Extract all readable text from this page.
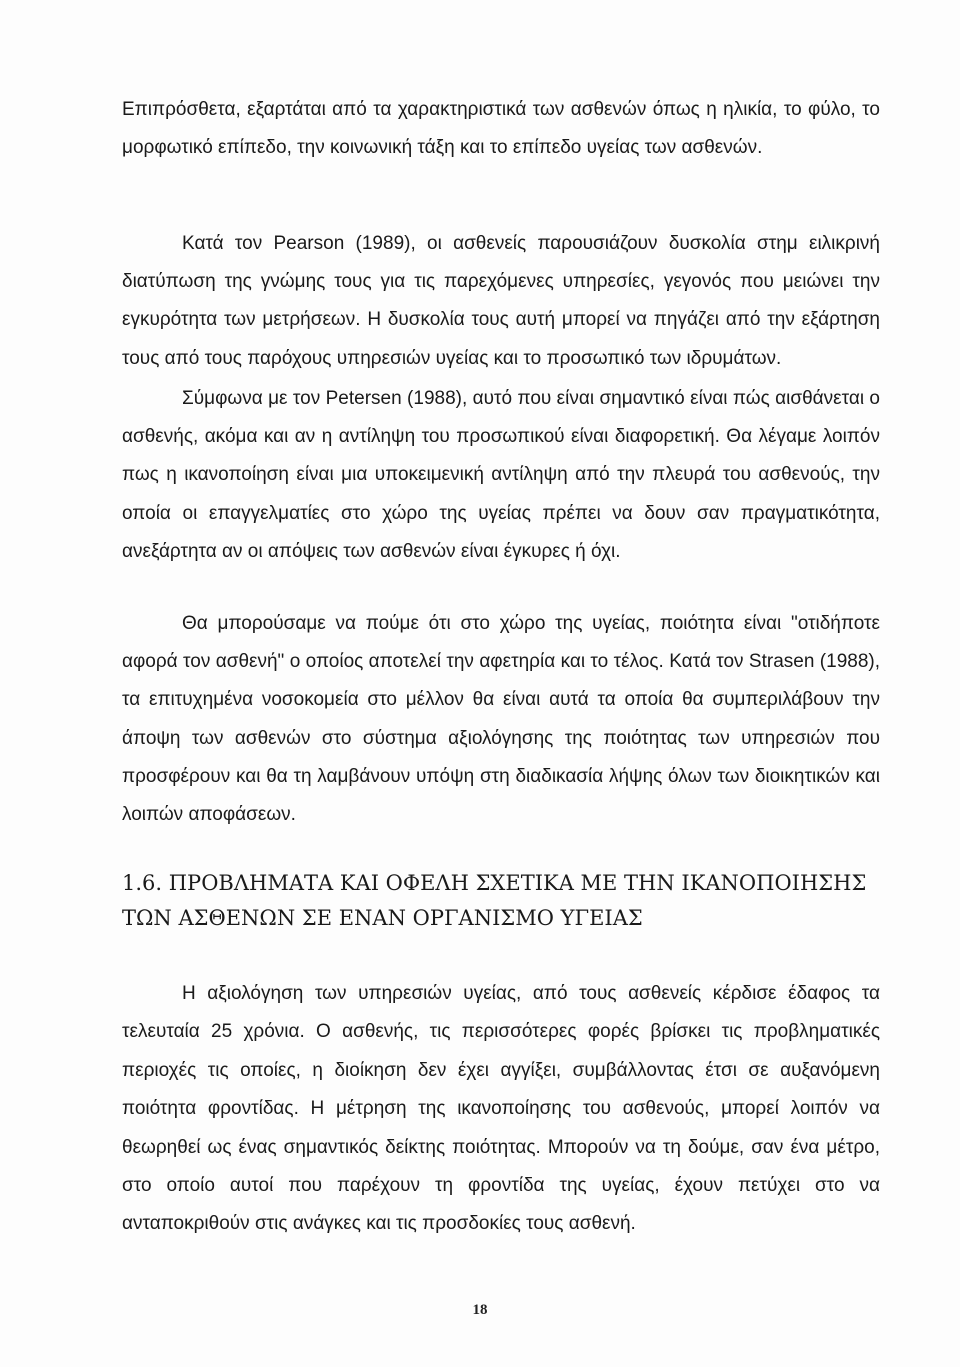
Επιπρόσθετα, εξαρτάται από τα χαρακτηριστικά των ασθενών όπως η ηλικία, το φύλο, το μορφωτικό επίπεδο, την κοινωνική τάξη και το επίπεδο υγείας των ασθενών.

Κατά τον Pearson (1989), οι ασθενείς παρουσιάζουν δυσκολία στημ ειλικρινή διατύπωση της γνώμης τους για τις παρεχόμενες υπηρεσίες, γεγονός που μειώνει την εγκυρότητα των μετρήσεων. Η δυσκολία τους αυτή μπορεί να πηγάζει από την εξάρτηση τους από τους παρόχους υπηρεσιών υγείας και το προσωπικό των ιδρυμάτων.

Σύμφωνα με τον Petersen (1988), αυτό που είναι σημαντικό είναι πώς αισθάνεται ο ασθενής, ακόμα και αν η αντίληψη του προσωπικού είναι διαφορετική. Θα λέγαμε λοιπόν πως η ικανοποίηση είναι μια υποκειμενική αντίληψη από την πλευρά του ασθενούς, την οποία οι επαγγελματίες στο χώρο της υγείας πρέπει να δουν σαν πραγματικότητα, ανεξάρτητα αν οι απόψεις των ασθενών είναι έγκυρες ή όχι.

Θα μπορούσαμε να πούμε ότι στο χώρο της υγείας, ποιότητα είναι "οτιδήποτε αφορά τον ασθενή" ο οποίος αποτελεί την αφετηρία και το τέλος. Κατά τον Strasen (1988), τα επιτυχημένα νοσοκομεία στο μέλλον θα είναι αυτά τα οποία θα συμπεριλάβουν την άποψη των ασθενών στο σύστημα αξιολόγησης της ποιότητας των υπηρεσιών που προσφέρουν και θα τη λαμβάνουν υπόψη στη διαδικασία λήψης όλων των διοικητικών και λοιπών αποφάσεων.

1.6. ΠΡΟΒΛΗΜΑΤΑ ΚΑΙ ΟΦΕΛΗ ΣΧΕΤΙΚΑ ΜΕ ΤΗΝ ΙΚΑΝΟΠΟΙΗΣΗΣ ΤΩΝ ΑΣΘΕΝΩΝ ΣΕ ΕΝΑΝ ΟΡΓΑΝΙΣΜΟ ΥΓΕΙΑΣ

Η αξιολόγηση των υπηρεσιών υγείας, από τους ασθενείς κέρδισε έδαφος τα τελευταία 25 χρόνια. Ο ασθενής, τις περισσότερες φορές βρίσκει τις προβληματικές περιοχές τις οποίες, η διοίκηση δεν έχει αγγίξει, συμβάλλοντας έτσι σε αυξανόμενη ποιότητα φροντίδας. Η μέτρηση της ικανοποίησης του ασθενούς, μπορεί λοιπόν να θεωρηθεί ως ένας σημαντικός δείκτης ποιότητας. Μπορούν να τη δούμε, σαν ένα μέτρο, στο οποίο αυτοί που παρέχουν τη φροντίδα της υγείας, έχουν πετύχει στο να ανταποκριθούν στις ανάγκες και τις προσδοκίες τους ασθενή.

18
